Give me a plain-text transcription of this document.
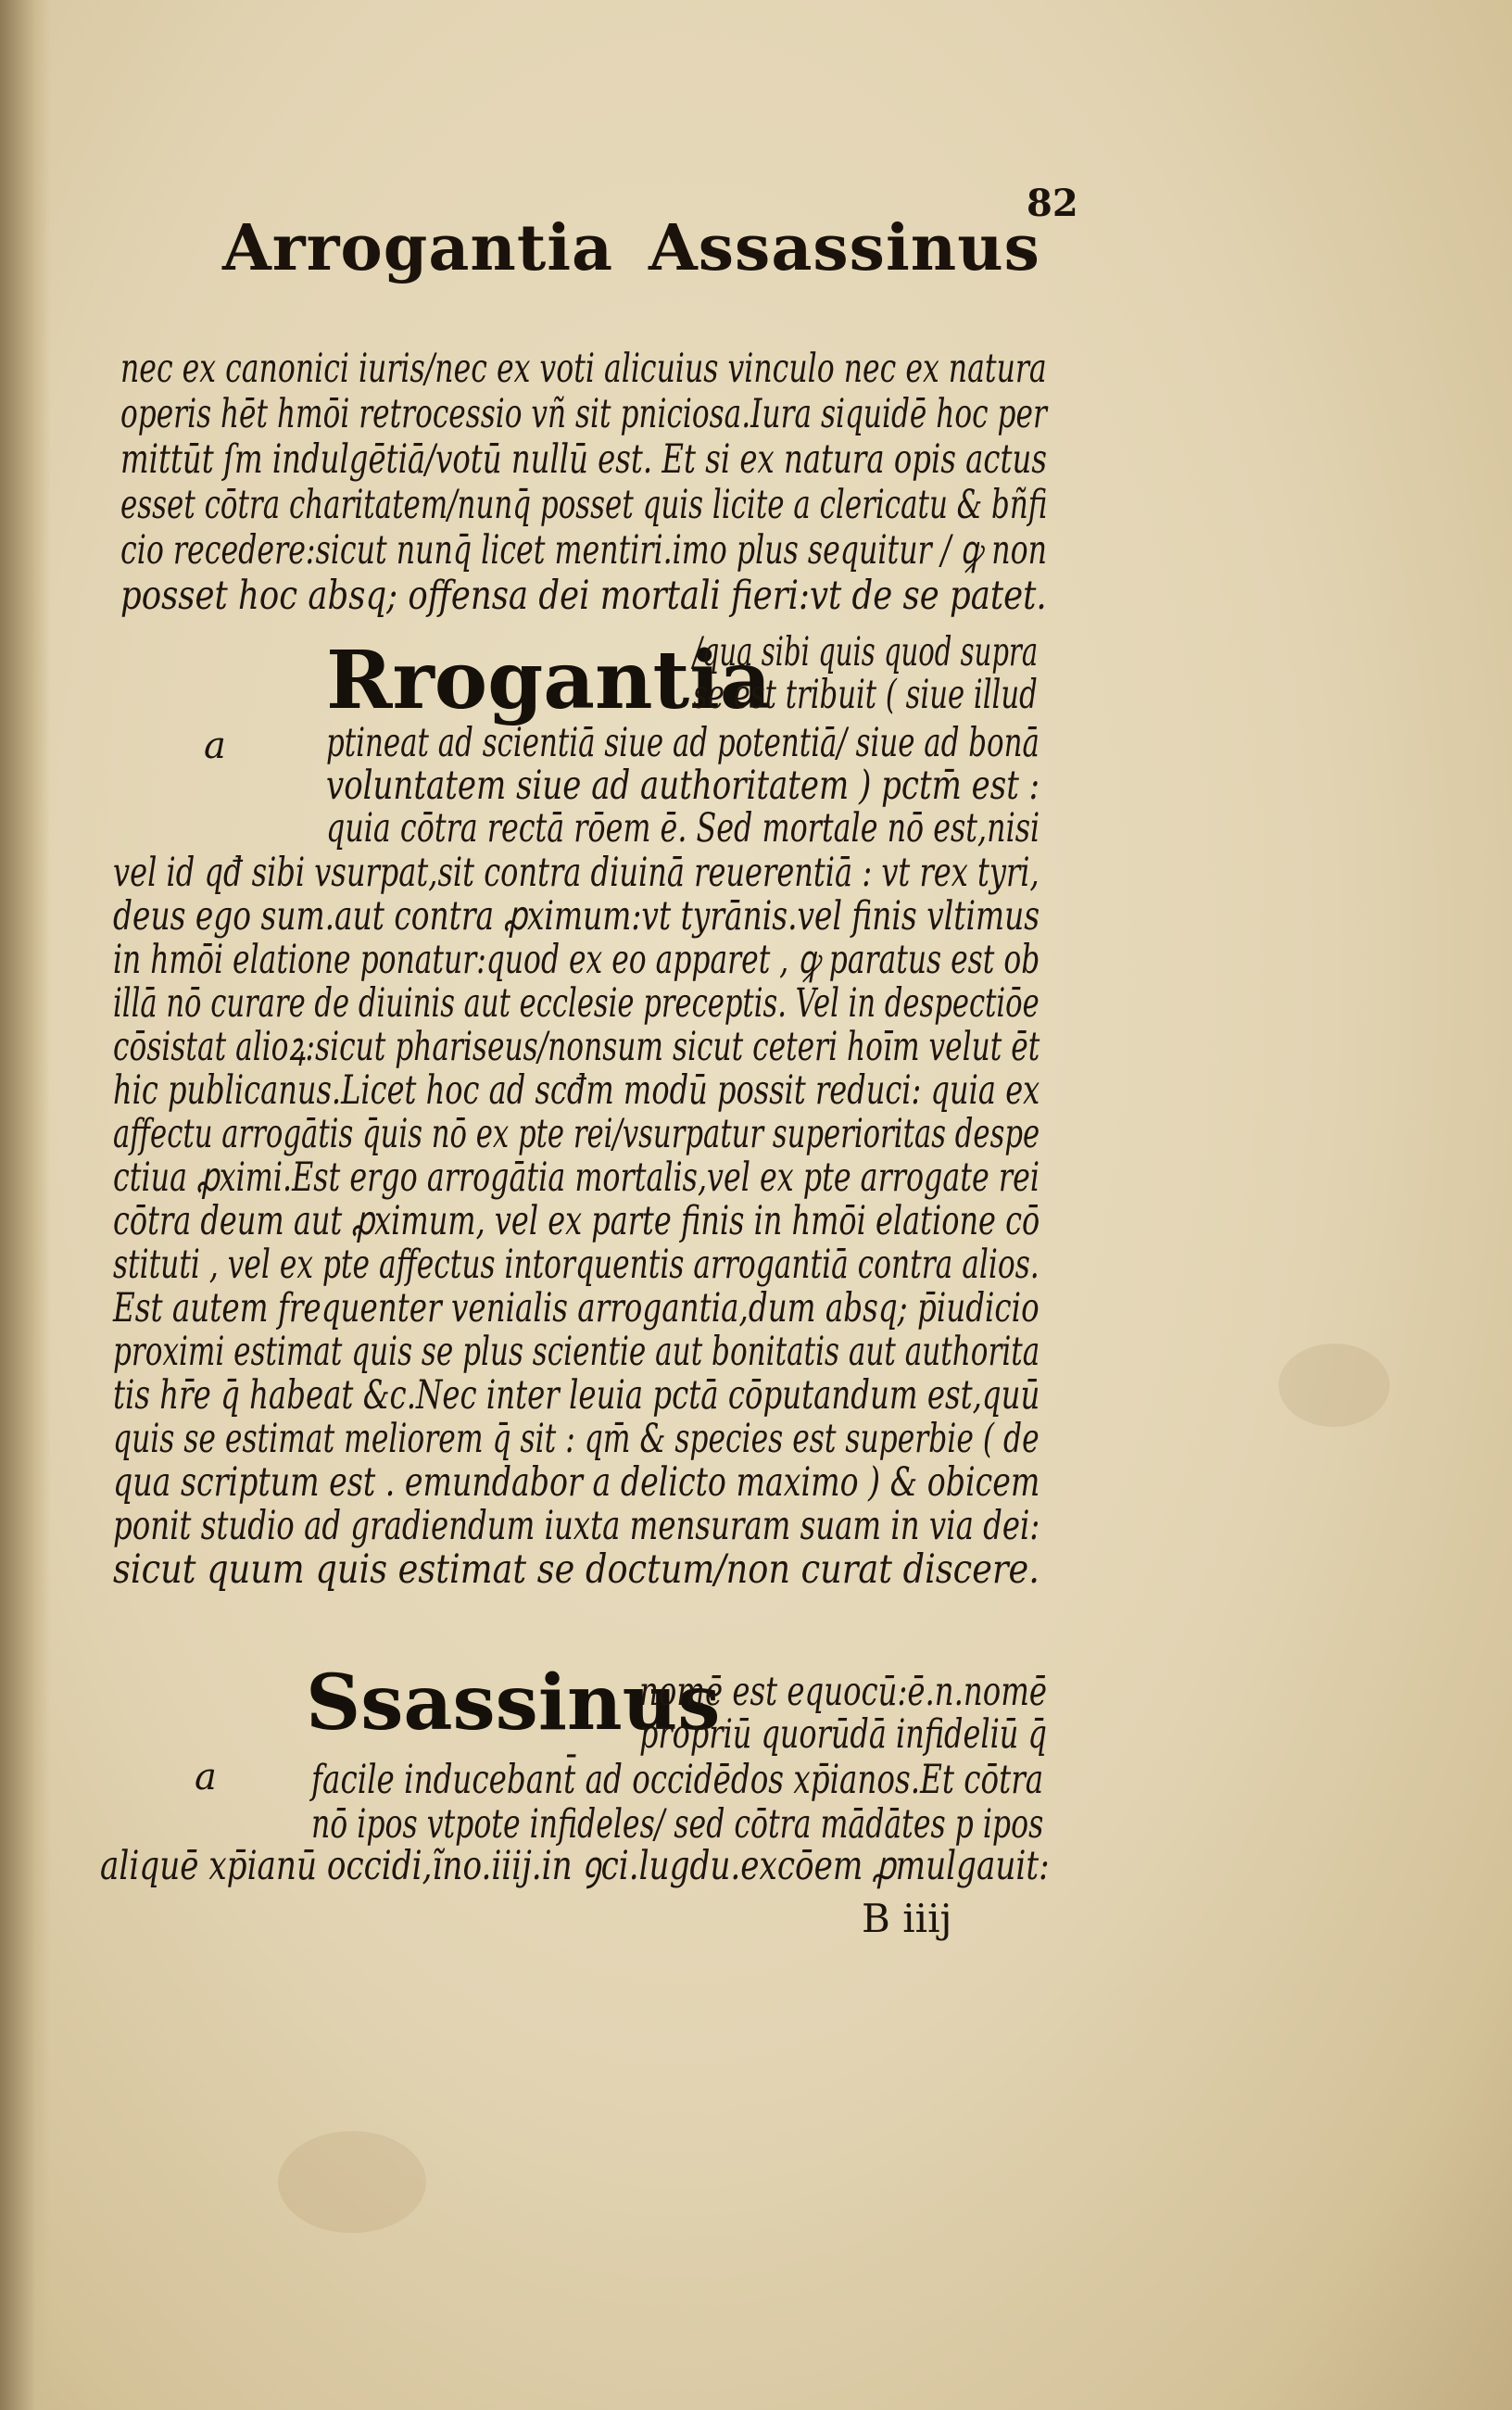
Arrogantia Assassinus
82
nec ex canonici iuris/nec ex voti alicuius vinculo nec ex natura
operis hēt hmōi retrocessio vñ sit pniciosa.Iura siquidē hoc per
mittūt ſm indulgētiā/votū nullū est. Et si ex natura opis actus
esset cōtra charitatem/nunq̄ posset quis licite a clericatu & bñfi
cio recedere:sicut nunq̄ licet mentiri.imo plus sequitur / ꝙ non
posset hoc absq; offensa dei mortali fieri:vt de se patet.
Rrogantia
a
/qua sibi quis quod supra
se est tribuit ( siue illud
ptineat ad scientiā siue ad potentiā/ siue ad bonā
voluntatem siue ad authoritatem ) pctm̄ est :
quia cōtra rectā rōem ē. Sed mortale nō est,nisi
vel id qđ sibi vsurpat,sit contra diuinā reuerentiā : vt rex tyri,
deus ego sum.aut contra ꝓximum:vt tyrānis.vel finis vltimus
in hmōi elatione ponatur:quod ex eo apparet , ꝙ paratus est ob
illā nō curare de diuinis aut ecclesie preceptis. Vel in despectiōe
cōsistat alioꝝ:sicut phariseus/nonsum sicut ceteri hoīm velut ēt
hic publicanus.Licet hoc ad scđm modū possit reduci: quia ex
affectu arrogātis q̄uis nō ex pte rei/vsurpatur superioritas despe
ctiua ꝓximi.Est ergo arrogātia mortalis,vel ex pte arrogate rei
cōtra deum aut ꝓximum, vel ex parte finis in hmōi elatione cō
stituti , vel ex pte affectus intorquentis arrogantiā contra alios.
Est autem frequenter venialis arrogantia,dum absq; p̄iudicio
proximi estimat quis se plus scientie aut bonitatis aut authorita
tis hr̄e q̄ habeat &c.Nec inter leuia pctā cōputandum est,quū
quis se estimat meliorem q̄ sit : qm̄ & species est superbie ( de
qua scriptum est . emundabor a delicto maximo ) & obicem
ponit studio ad gradiendum iuxta mensuram suam in via dei:
sicut quum quis estimat se doctum/non curat discere.
Ssassinus
a
nomē est equocū:ē.n.nomē
propriū quorūdā infideliū q̄
facile inducebant̄ ad occidēdos xp̄ianos.Et cōtra
nō ipos vtpote infideles/ sed cōtra mādātes p ipos
aliquē xp̄ianū occidi,ĩno.iiij.in ꝯci.lugdu.excōem ꝓmulgauit:
B iiij
